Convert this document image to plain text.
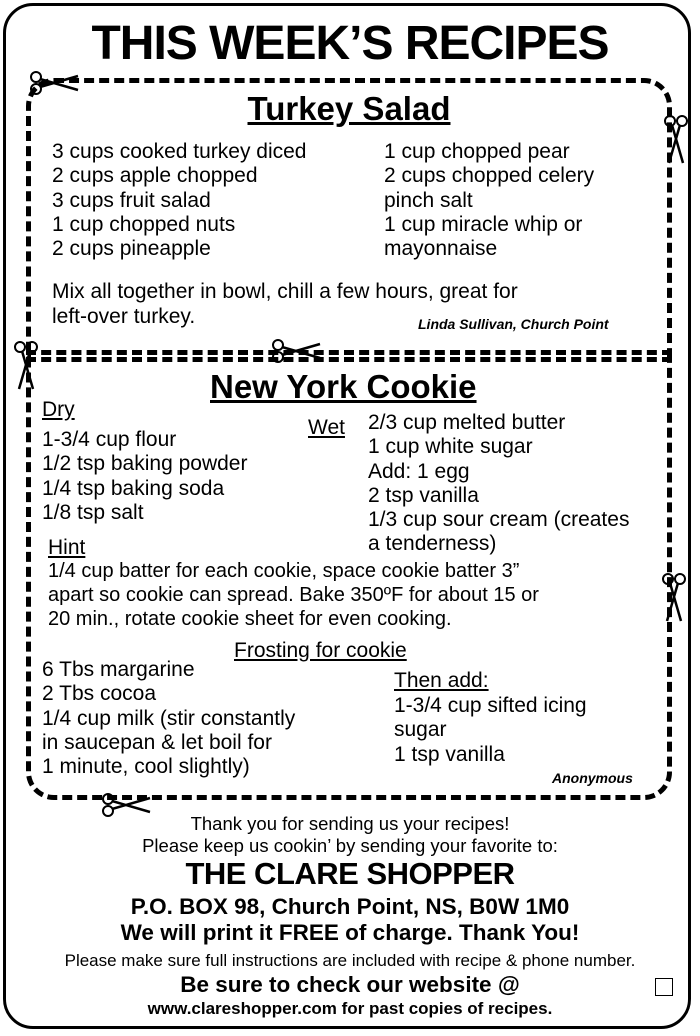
THIS WEEK’S RECIPES
Turkey Salad
3 cups cooked turkey diced
2 cups apple chopped
3 cups fruit salad
1 cup chopped nuts
2 cups pineapple
1 cup chopped pear
2 cups chopped celery
pinch salt
1 cup miracle whip or
mayonnaise
Mix all together in bowl, chill a few hours, great for
left-over turkey.	Linda Sullivan, Church Point
New York Cookie
Dry
1-3/4 cup flour
1/2 tsp baking powder
1/4 tsp baking soda
1/8 tsp salt
Wet 2/3 cup melted butter
1 cup white sugar
Add: 1 egg
2 tsp vanilla
1/3 cup sour cream (creates
a tenderness)
Hint
1/4 cup batter for each cookie, space cookie batter 3”
apart so cookie can spread. Bake 350ºF for about 15 or
20 min., rotate cookie sheet for even cooking.
Frosting for cookie
6 Tbs margarine
2 Tbs cocoa
1/4 cup milk (stir constantly
in saucepan & let boil for
1 minute, cool slightly)
Then add:
1-3/4 cup sifted icing
sugar
1 tsp vanilla
Anonymous
Thank you for sending us your recipes!
Please keep us cookin’ by sending your favorite to:
THE CLARE SHOPPER
P.O. BOX 98, Church Point, NS, B0W 1M0
We will print it FREE of charge. Thank You!
Please make sure full instructions are included with recipe & phone number.
Be sure to check our website @
www.clareshopper.com for past copies of recipes.
